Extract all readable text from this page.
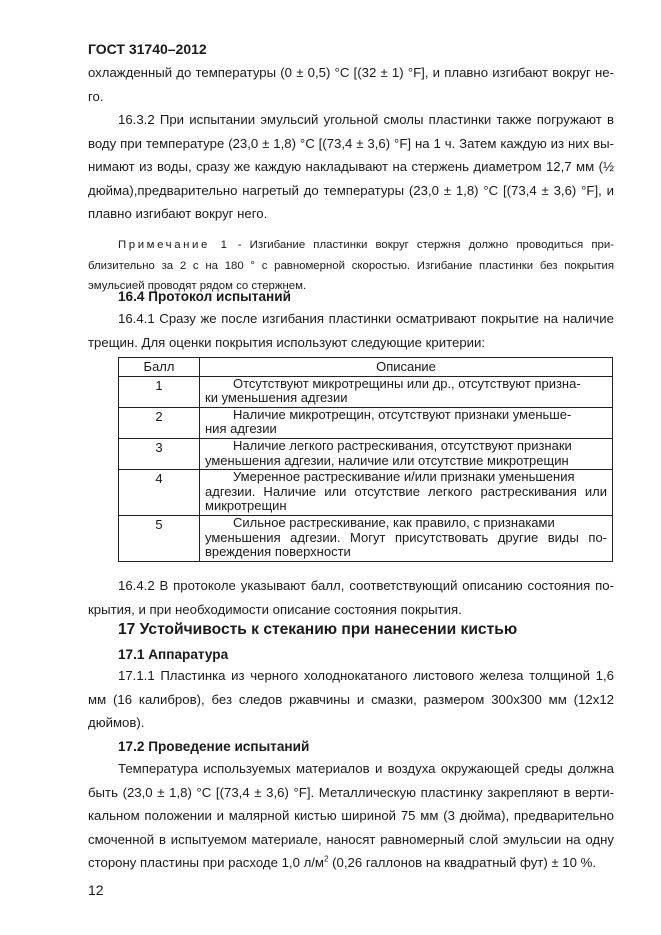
ГОСТ 31740–2012

охлажденный до температуры (0 ± 0,5) °С [(32 ± 1) °F], и плавно изгибают вокруг не-го.

16.3.2 При испытании эмульсий угольной смолы пластинки также погружают в воду при температуре (23,0 ± 1,8) °С [(73,4 ± 3,6) °F] на 1 ч. Затем каждую из них вы-нимают из воды, сразу же каждую накладывают на стержень диаметром 12,7 мм (½ дюйма),предварительно нагретый до температуры (23,0 ± 1,8) °С [(73,4 ± 3,6) °F], и плавно изгибают вокруг него.

Примечание 1 - Изгибание пластинки вокруг стержня должно проводиться при-близительно за 2 с на 180 ° с равномерной скоростью. Изгибание пластинки без покрытия эмульсией проводят рядом со стержнем.
16.4 Протокол испытаний

16.4.1 Сразу же после изгибания пластинки осматривают покрытие на наличие трещин. Для оценки покрытия используют следующие критерии:

Балл	Описание
1	Отсутствуют микротрещины или др., отсутствуют призна-
ки уменьшения адгезии
2	Наличие микротрещин, отсутствуют признаки уменьше-
ния адгезии
3	Наличие легкого растрескивания, отсутствуют признаки
уменьшения адгезии, наличие или отсутствие микротрещин
4	Умеренное растрескивание и/или признаки уменьшения
адгезии. Наличие или отсутствие легкого растрескивания или микротрещин
5	Сильное растрескивание, как правило, с признаками
уменьшения адгезии. Могут присутствовать другие виды по-вреждения поверхности

16.4.2 В протоколе указывают балл, соответствующий описанию состояния по-крытия, и при необходимости описание состояния покрытия.

17 Устойчивость к стеканию при нанесении кистью
17.1 Аппаратура

17.1.1 Пластинка из черного холоднокатаного листового железа толщиной 1,6 мм (16 калибров), без следов ржавчины и смазки, размером 300х300 мм (12х12 дюймов).

17.2 Проведение испытаний

Температура используемых материалов и воздуха окружающей среды должна быть (23,0 ± 1,8) °С [(73,4 ± 3,6) °F]. Металлическую пластинку закрепляют в верти-кальном положении и малярной кистью шириной 75 мм (3 дюйма), предварительно смоченной в испытуемом материале, наносят равномерный слой эмульсии на одну сторону пластины при расходе 1,0 $л/м^2$ (0,26 галлонов на квадратный фут) ± 10 %.

12
